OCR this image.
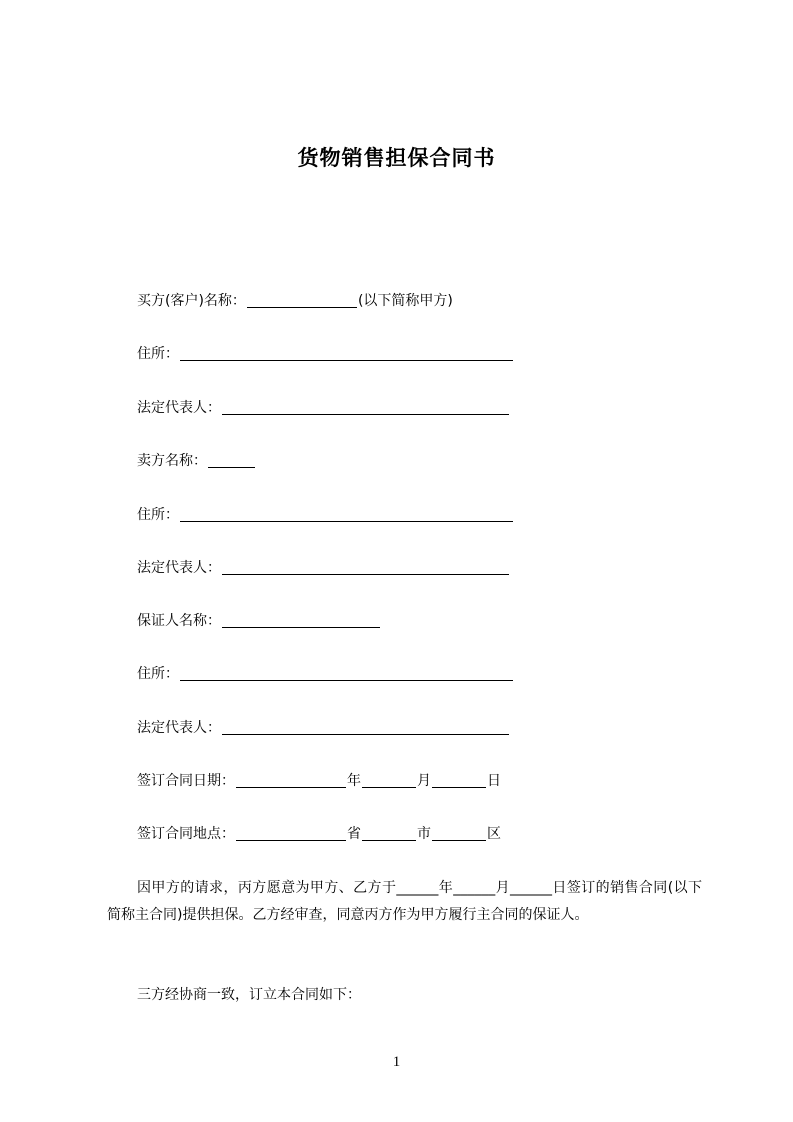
货物销售担保合同书
买方(客户)名称：	(以下简称甲方)
住所：
法定代表人：
卖方名称：
住所：
法定代表人：
保证人名称：
住所：
法定代表人：
签订合同日期：	年	月	日
签订合同地点：	省	市	区

因甲方的请求，丙方愿意为甲方、乙方于______年______月______日签订的销售合同(以下简称主合同)提供担保。乙方经审查，同意丙方作为甲方履行主合同的保证人。

三方经协商一致，订立本合同如下：

1
